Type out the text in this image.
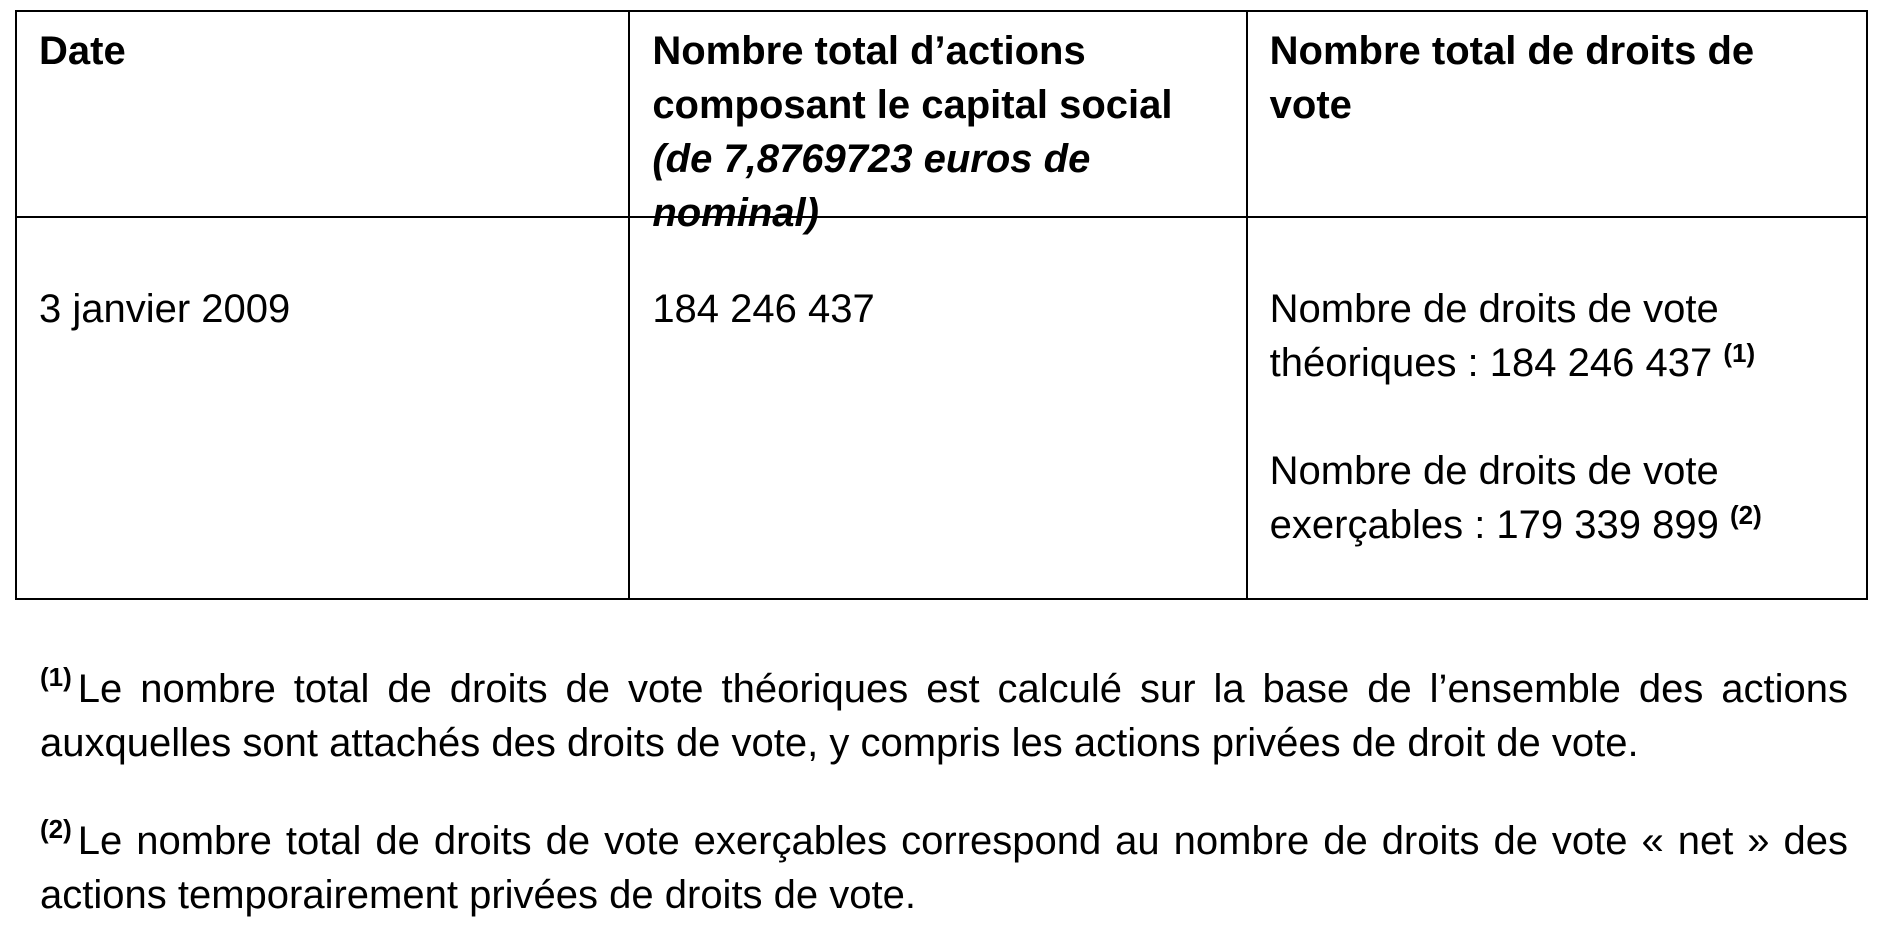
Date	Nombre total d’actions composant le capital social (de 7,8769723 euros de nominal)	Nombre total de droits de vote

3 janvier 2009	184 246 437	Nombre de droits de vote théoriques : 184 246 437 $^{(1)}$

Nombre de droits de vote exerçables : 179 339 899 $^{(2)}$

$^{(1)}$ Le nombre total de droits de vote théoriques est calculé sur la base de l’ensemble des actions auxquelles sont attachés des droits de vote, y compris les actions privées de droit de vote.

$^{(2)}$ Le nombre total de droits de vote exerçables correspond au nombre de droits de vote « net » des actions temporairement privées de droits de vote.
